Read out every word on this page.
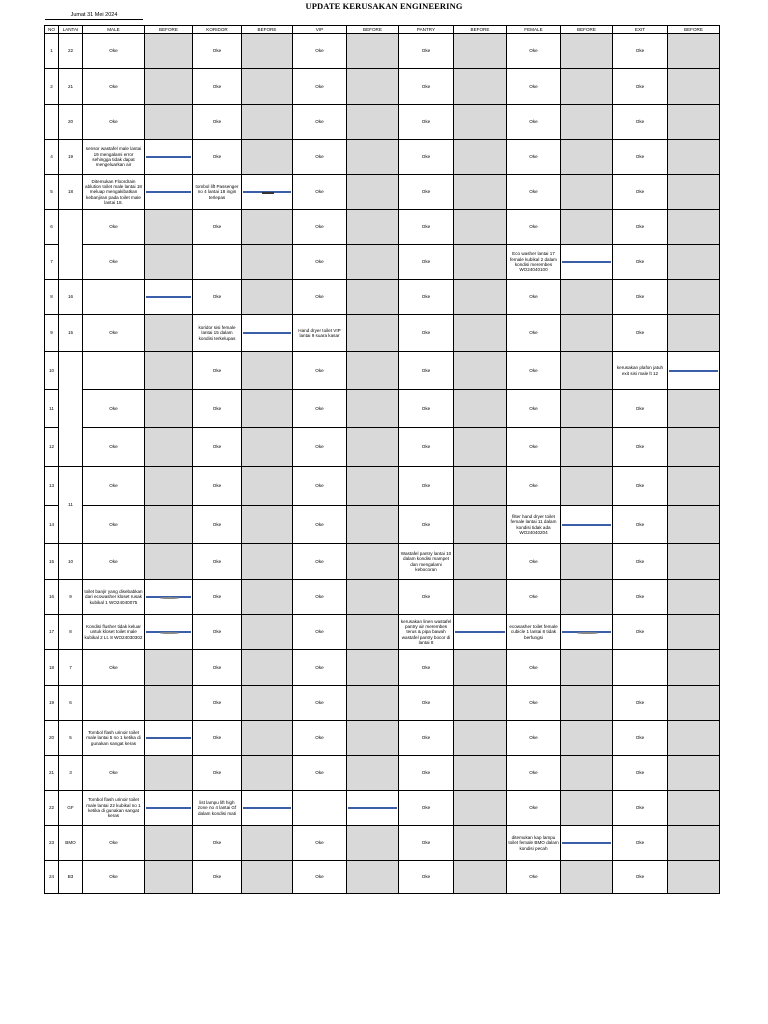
UPDATE KERUSAKAN ENGINEERING
Jumat 31 Mei 2024
NO	LANTAI	MALE	BEFORE	KORIDOR	BEFORE	VIP	BEFORE	PANTRY	BEFORE	FEMALE	BEFORE	EXIT	BEFORE
1	22	Oke		Oke		Oke		Oke		Oke		Oke	
2	21	Oke		Oke		Oke		Oke		Oke		Oke	
	20	Oke		Oke		Oke		Oke		Oke		Oke	
4	19	sensor wastafel male lantai 19 mengalami error sehingga tidak dapat mengeluarkan air		Oke		Oke		Oke		Oke		Oke	
5	18	Ditemukan Floordrain ablution toilet male lantai 18 meluap mengakibatkan kebanjiran pada toilet male lantai 18.		tombol lift Passenger no 4 lantai 18 ingin terlepas		Oke		Oke		Oke		Oke	
6		Oke		Oke		Oke		Oke		Oke		Oke	
7		Oke				Oke		Oke		Eco washer lantai 17 female kubikal 2 dalam kondisi merembes WO24040100		Oke	
8	16			Oke		Oke		Oke		Oke		Oke	
9	15	Oke		koridor sisi female lantai 15 dalam kondisi terkelupas		Hand dryer toilet VIP lantai 9 suara kasar		Oke		Oke		Oke	
10				Oke		Oke		Oke		Oke		kerusakan plafon jatuh exit sisi male lt 12	

11		Oke		Oke		Oke		Oke		Oke		Oke	
12		Oke		Oke		Oke		Oke		Oke		Oke	
13	11	Oke		Oke		Oke		Oke		Oke		Oke	
14		Oke		Oke		Oke		Oke		filter hand dryer toilet female lantai 11 dalam kondisi tidak ada WO24040204		Oke	
15	10	Oke		Oke		Oke		Wastafel pantry lantai 10 dalam kondisi mampet dan mengalami kebocoran		Oke		Oke	
16	9	toilet banjir yang disebabkan dari ecowasher kloset rusak kubikal 1 WO24040075		Oke		Oke		Oke		Oke		Oke	
17	8	Kondisi flusher tidak keluar untuk kloset toilet male kubikal 2 Lt. 8 WO24030302		Oke		Oke		kerusakan linen wastafel pantry air merembes terus & pipa bawah wastafel pantry bocor di lantai 8		ecowasher toilet female cubicle 1 lantai 8 tidak berfungsi		Oke	
18	7	Oke		Oke		Oke		Oke		Oke			
19	6			Oke		Oke		Oke		Oke		Oke	
20	5	Tombol flash urinoir toilet male lantai 5 no 1 ketika di gunakan sangat keras		Oke		Oke		Oke		Oke		Oke	
21	3	Oke		Oke		Oke		Oke		Oke		Oke	
22	GF	Tombol flash urinoir toilet male lantai 22 kubikal no 1 ketika di gunakan sangat keras		list lampu lift high zone no 4 lantai Gf dalam kondisi mati				Oke		Oke		Oke	
23	BMO	Oke		Oke		Oke		Oke		ditemukan kap lampu toilet female BMO dalam kondisi pecah		Oke	
24	B3	Oke		Oke		Oke		Oke		Oke		Oke	
